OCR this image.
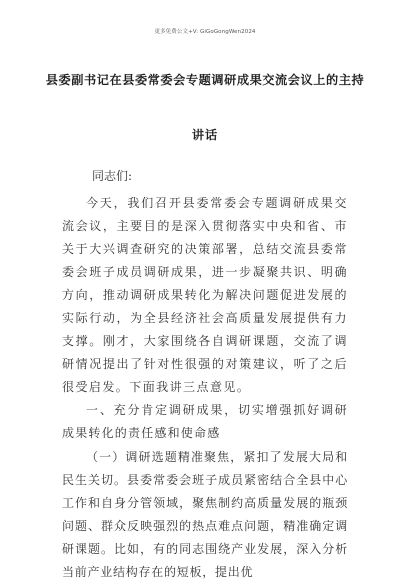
更多免费公文+V: GiGoGongWen2024
县委副书记在县委常委会专题调研成果交流会议上的主持
讲话
同志们:

今天，我们召开县委常委会专题调研成果交流会议，主要目的是深入贯彻落实中央和省、市关于大兴调查研究的决策部署，总结交流县委常委会班子成员调研成果，进一步凝聚共识、明确方向，推动调研成果转化为解决问题促进发展的实际行动，为全县经济社会高质量发展提供有力支撑。刚才，大家围绕各自调研课题，交流了调研情况提出了针对性很强的对策建议，听了之后很受启发。下面我讲三点意见。

一、充分肯定调研成果，切实增强抓好调研成果转化的责任感和使命感

（一）调研选题精准聚焦，紧扣了发展大局和民生关切。县委常委会班子成员紧密结合全县中心工作和自身分管领域，聚焦制约高质量发展的瓶颈问题、群众反映强烈的热点难点问题，精准确定调研课题。比如，有的同志围绕产业发展，深入分析当前产业结构存在的短板，提出优
